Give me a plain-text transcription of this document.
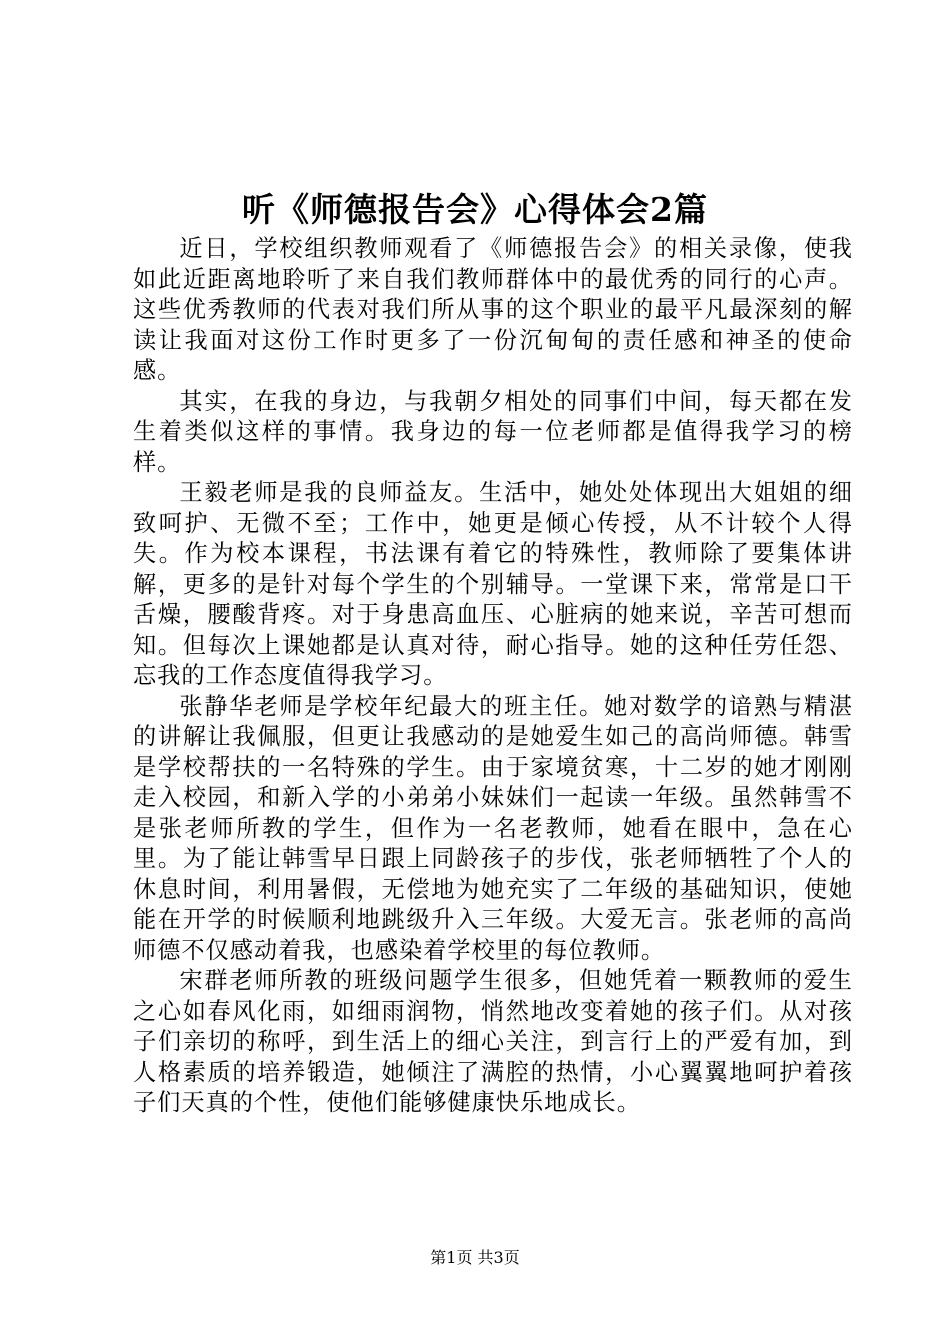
听《师德报告会》心得体会2篇

近日，学校组织教师观看了《师德报告会》的相关录像，使我如此近距离地聆听了来自我们教师群体中的最优秀的同行的心声。这些优秀教师的代表对我们所从事的这个职业的最平凡最深刻的解读让我面对这份工作时更多了一份沉甸甸的责任感和神圣的使命感。

其实，在我的身边，与我朝夕相处的同事们中间，每天都在发生着类似这样的事情。我身边的每一位老师都是值得我学习的榜样。

王毅老师是我的良师益友。生活中，她处处体现出大姐姐的细致呵护、无微不至；工作中，她更是倾心传授，从不计较个人得失。作为校本课程，书法课有着它的特殊性，教师除了要集体讲解，更多的是针对每个学生的个别辅导。一堂课下来，常常是口干舌燥，腰酸背疼。对于身患高血压、心脏病的她来说，辛苦可想而知。但每次上课她都是认真对待，耐心指导。她的这种任劳任怨、忘我的工作态度值得我学习。

张静华老师是学校年纪最大的班主任。她对数学的谙熟与精湛的讲解让我佩服，但更让我感动的是她爱生如己的高尚师德。韩雪是学校帮扶的一名特殊的学生。由于家境贫寒，十二岁的她才刚刚走入校园，和新入学的小弟弟小妹妹们一起读一年级。虽然韩雪不是张老师所教的学生，但作为一名老教师，她看在眼中，急在心里。为了能让韩雪早日跟上同龄孩子的步伐，张老师牺牲了个人的休息时间，利用暑假，无偿地为她充实了二年级的基础知识，使她能在开学的时候顺利地跳级升入三年级。大爱无言。张老师的高尚师德不仅感动着我，也感染着学校里的每位教师。

宋群老师所教的班级问题学生很多，但她凭着一颗教师的爱生之心如春风化雨，如细雨润物，悄然地改变着她的孩子们。从对孩子们亲切的称呼，到生活上的细心关注，到言行上的严爱有加，到人格素质的培养锻造，她倾注了满腔的热情，小心翼翼地呵护着孩子们天真的个性，使他们能够健康快乐地成长。

第1页 共3页
